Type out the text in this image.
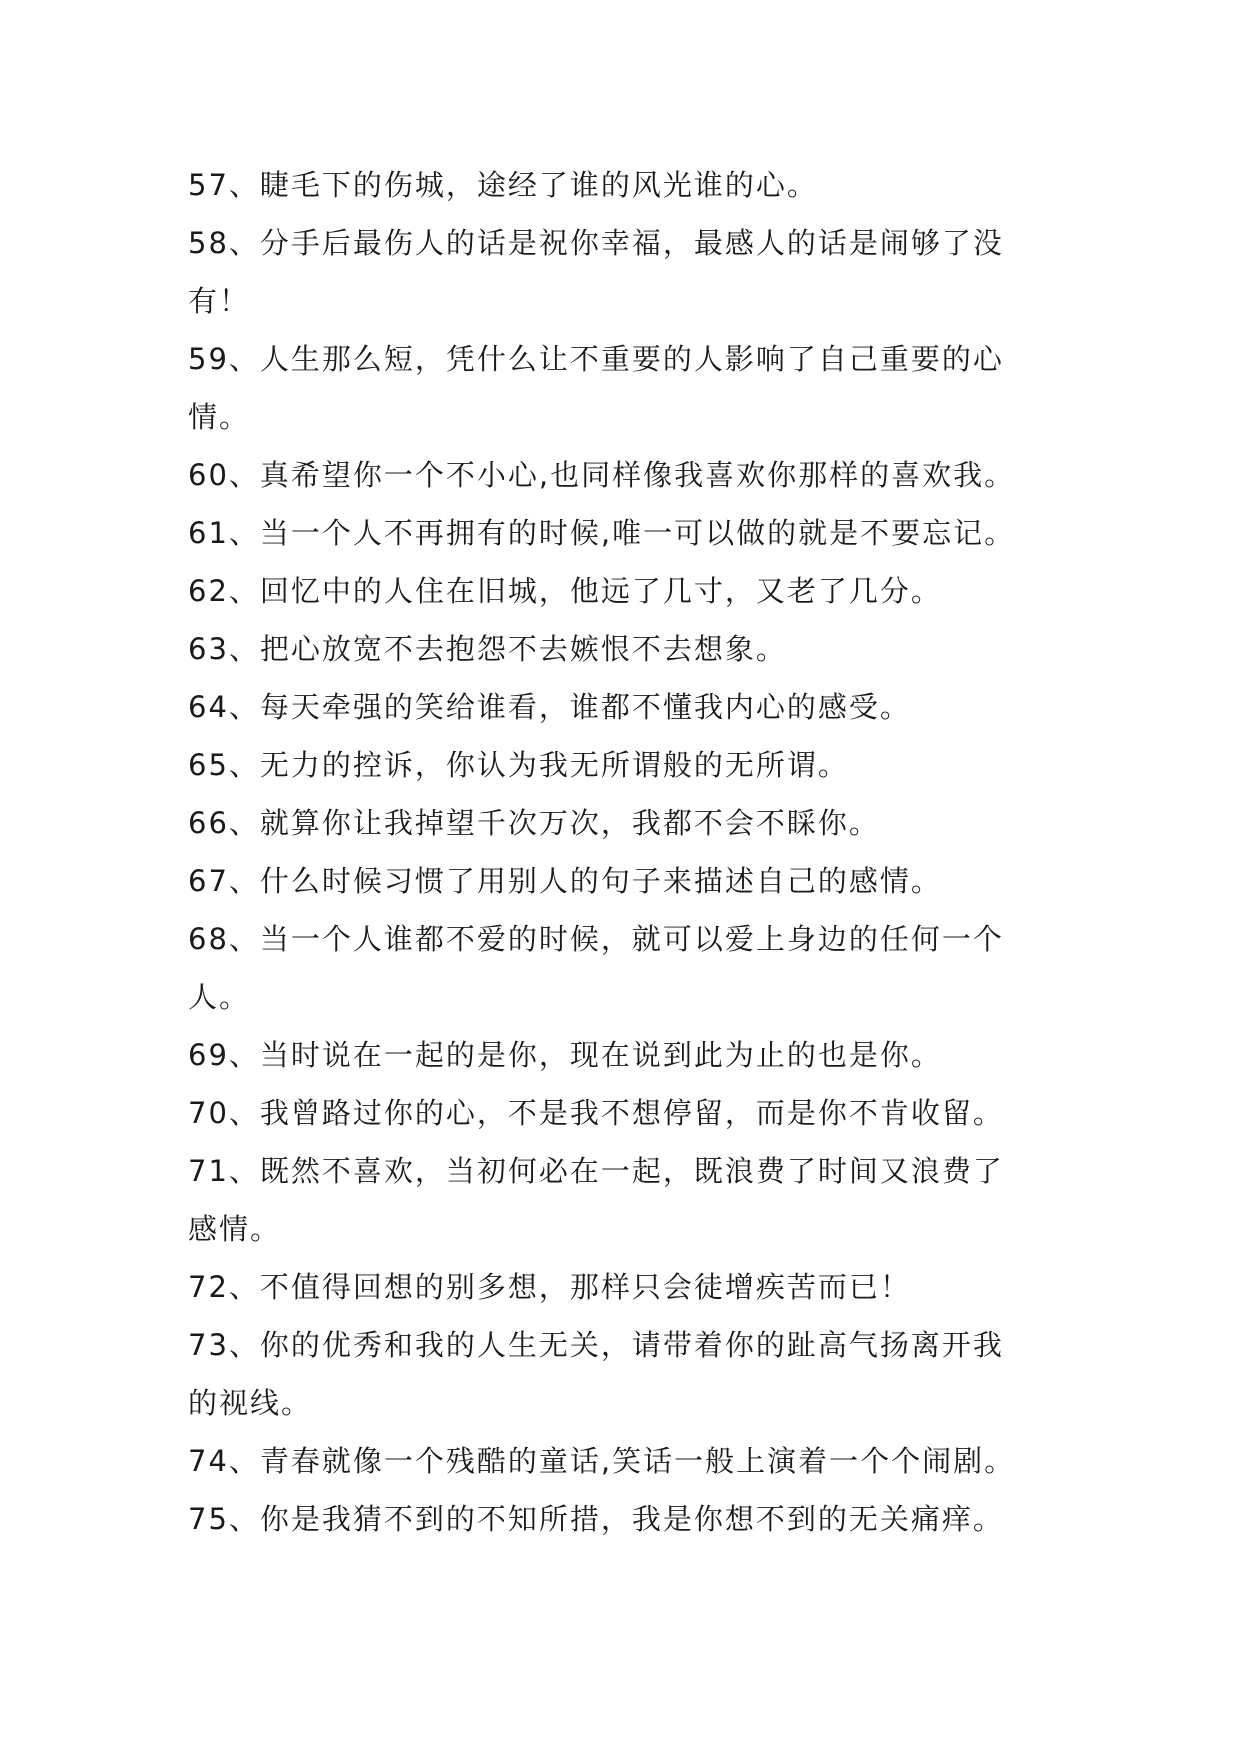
57、睫毛下的伤城，途经了谁的风光谁的心。
58、分手后最伤人的话是祝你幸福，最感人的话是闹够了没
有！
59、人生那么短，凭什么让不重要的人影响了自己重要的心
情。
60、真希望你一个不小心,也同样像我喜欢你那样的喜欢我。
61、当一个人不再拥有的时候,唯一可以做的就是不要忘记。
62、回忆中的人住在旧城，他远了几寸，又老了几分。
63、把心放宽不去抱怨不去嫉恨不去想象。
64、每天牵强的笑给谁看，谁都不懂我内心的感受。
65、无力的控诉，你认为我无所谓般的无所谓。
66、就算你让我掉望千次万次，我都不会不睬你。
67、什么时候习惯了用别人的句子来描述自己的感情。
68、当一个人谁都不爱的时候，就可以爱上身边的任何一个
人。
69、当时说在一起的是你，现在说到此为止的也是你。
70、我曾路过你的心，不是我不想停留，而是你不肯收留。
71、既然不喜欢，当初何必在一起，既浪费了时间又浪费了
感情。
72、不值得回想的别多想，那样只会徒增疾苦而已！
73、你的优秀和我的人生无关，请带着你的趾高气扬离开我
的视线。
74、青春就像一个残酷的童话,笑话一般上演着一个个闹剧。
75、你是我猜不到的不知所措，我是你想不到的无关痛痒。
